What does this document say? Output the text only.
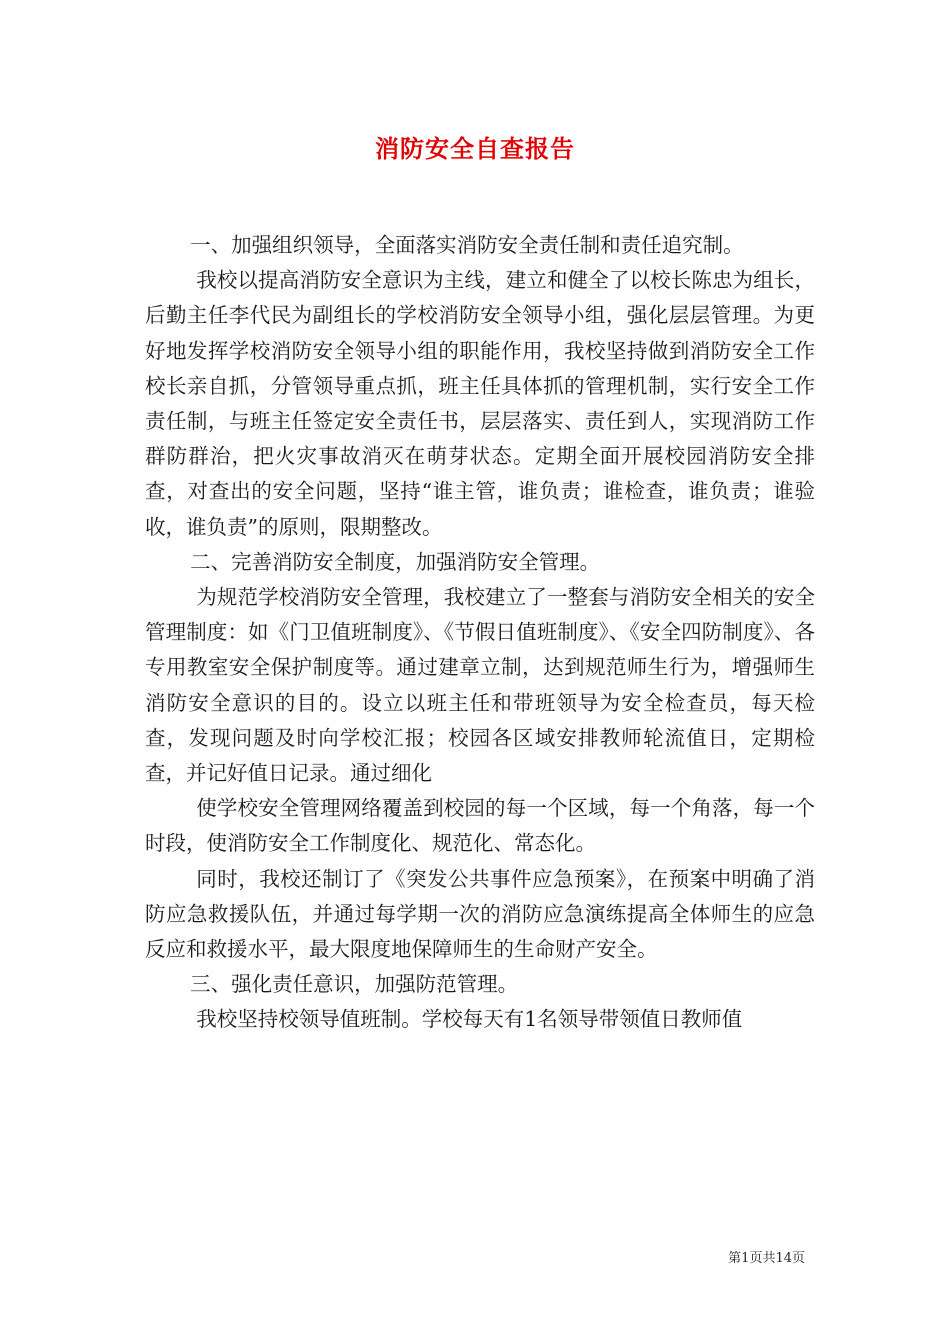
消防安全自查报告

一、加强组织领导，全面落实消防安全责任制和责任追究制。

我校以提高消防安全意识为主线，建立和健全了以校长陈忠为组长，后勤主任李代民为副组长的学校消防安全领导小组，强化层层管理。为更好地发挥学校消防安全领导小组的职能作用，我校坚持做到消防安全工作校长亲自抓，分管领导重点抓，班主任具体抓的管理机制，实行安全工作责任制，与班主任签定安全责任书，层层落实、责任到人，实现消防工作群防群治，把火灾事故消灭在萌芽状态。定期全面开展校园消防安全排查，对查出的安全问题，坚持“谁主管，谁负责；谁检查，谁负责；谁验收，谁负责”的原则，限期整改。

二、完善消防安全制度，加强消防安全管理。

为规范学校消防安全管理，我校建立了一整套与消防安全相关的安全管理制度：如《门卫值班制度》、《节假日值班制度》、《安全四防制度》、各专用教室安全保护制度等。通过建章立制，达到规范师生行为，增强师生消防安全意识的目的。设立以班主任和带班领导为安全检查员，每天检查，发现问题及时向学校汇报；校园各区域安排教师轮流值日，定期检查，并记好值日记录。通过细化

使学校安全管理网络覆盖到校园的每一个区域，每一个角落，每一个时段，使消防安全工作制度化、规范化、常态化。

同时，我校还制订了《突发公共事件应急预案》，在预案中明确了消防应急救援队伍，并通过每学期一次的消防应急演练提高全体师生的应急反应和救援水平，最大限度地保障师生的生命财产安全。

三、强化责任意识，加强防范管理。

我校坚持校领导值班制。学校每天有1名领导带领值日教师值

第1页共14页
